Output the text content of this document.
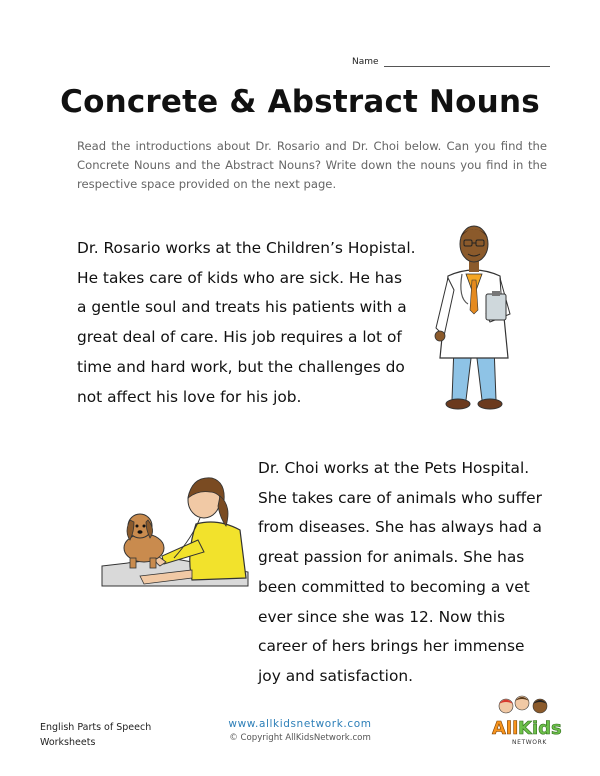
Name
Concrete & Abstract Nouns
Read the introductions about Dr. Rosario and Dr. Choi below. Can you find the Concrete Nouns and the Abstract Nouns? Write down the nouns you find in the respective space provided on the next page.
Dr. Rosario works at the Children’s Hopistal.
He takes care of kids who are sick. He has
a gentle soul and treats his patients with a
great deal of care. His job requires a lot of
time and hard work, but the challenges do
not affect his love for his job.
Dr. Choi works at the Pets Hospital.
She takes care of animals who suffer
from diseases. She has always had a
great passion for animals. She has
been committed to becoming a vet
ever since she was 12. Now this
career of hers brings her immense
joy and satisfaction.
English Parts of Speech
Worksheets
www.allkidsnetwork.com
© Copyright AllKidsNetwork.com	All Kids
NETWORK
